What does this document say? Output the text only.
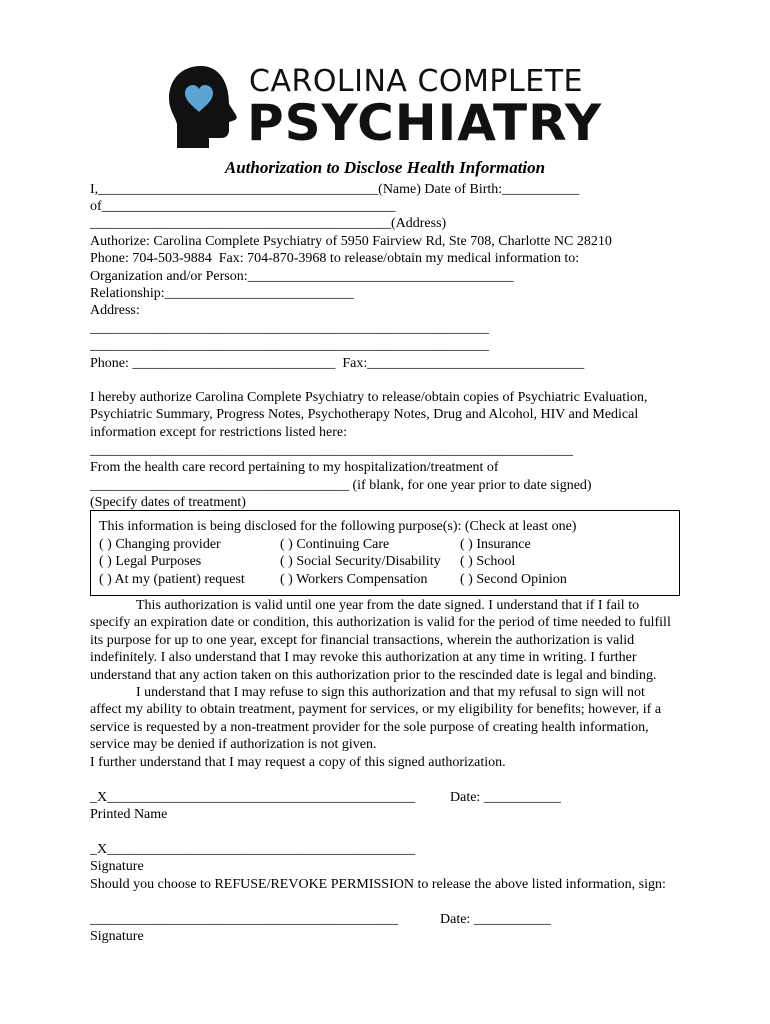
CAROLINA COMPLETE
PSYCHIATRY
Authorization to Disclose Health Information
I,________________________________________(Name) Date of Birth:___________
of__________________________________________
___________________________________________(Address)
Authorize: Carolina Complete Psychiatry of 5950 Fairview Rd, Ste 708, Charlotte NC 28210
Phone: 704-503-9884  Fax: 704-870-3968 to release/obtain my medical information to:
Organization and/or Person:______________________________________
Relationship:___________________________
Address:
_________________________________________________________
_________________________________________________________
Phone: _____________________________  Fax:_______________________________
I hereby authorize Carolina Complete Psychiatry to release/obtain copies of Psychiatric Evaluation, Psychiatric Summary, Progress Notes, Psychotherapy Notes, Drug and Alcohol, HIV and Medical information except for restrictions listed here:
_____________________________________________________________________
From the health care record pertaining to my hospitalization/treatment of
_____________________________________ (if blank, for one year prior to date signed)
(Specify dates of treatment)
This information is being disclosed for the following purpose(s): (Check at least one)
( ) Changing provider
( ) Legal Purposes
( ) At my (patient) request
( ) Continuing Care
( ) Social Security/Disability
( ) Workers Compensation
( ) Insurance
( ) School
( ) Second Opinion
This authorization is valid until one year from the date signed. I understand that if I fail to specify an expiration date or condition, this authorization is valid for the period of time needed to fulfill its purpose for up to one year, except for financial transactions, wherein the authorization is valid indefinitely. I also understand that I may revoke this authorization at any time in writing. I further understand that any action taken on this authorization prior to the rescinded date is legal and binding.
I understand that I may refuse to sign this authorization and that my refusal to sign will not affect my ability to obtain treatment, payment for services, or my eligibility for benefits; however, if a service is requested by a non-treatment provider for the sole purpose of creating health information, service may be denied if authorization is not given.
I further understand that I may request a copy of this signed authorization.
_X____________________________________________ Date: ___________
Printed Name
_X____________________________________________
Signature
Should you choose to REFUSE/REVOKE PERMISSION to release the above listed information, sign:
____________________________________________	Date: ___________
Signature
